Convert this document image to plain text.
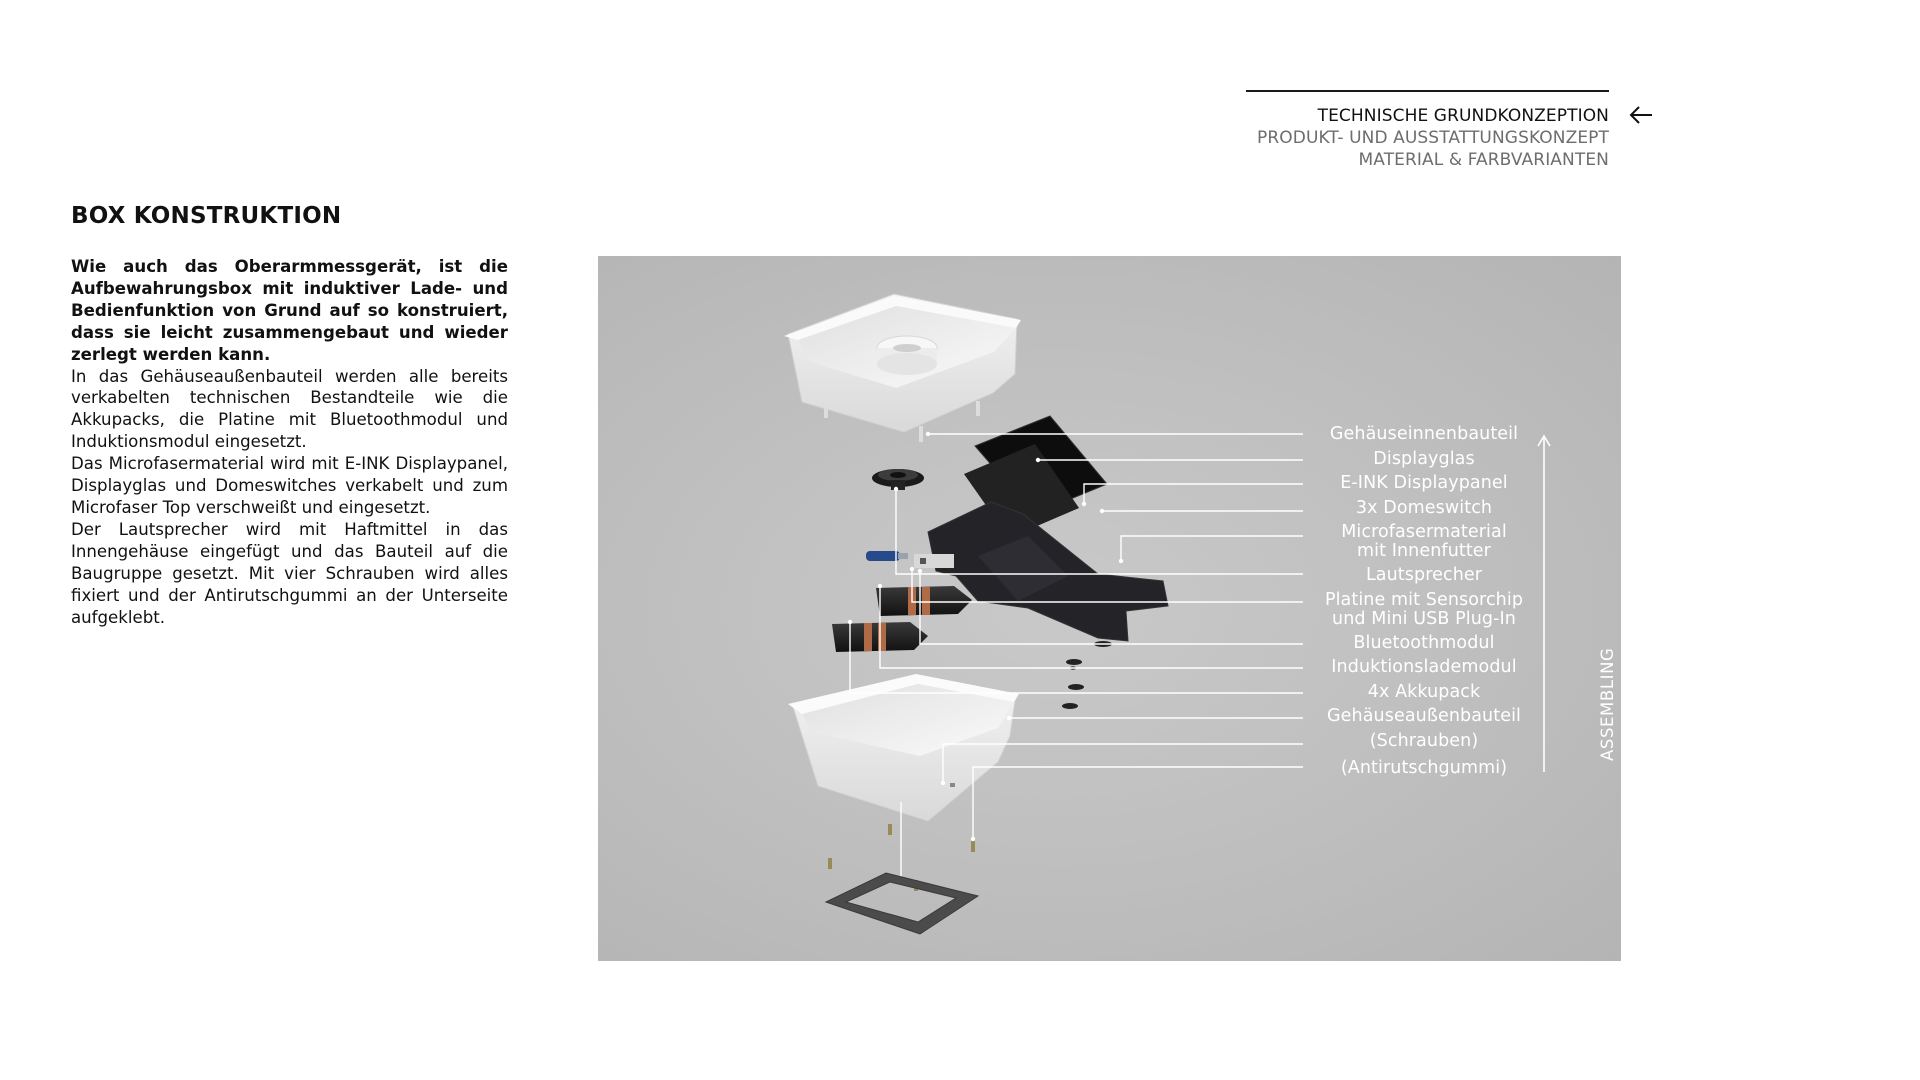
TECHNISCHE GRUNDKONZEPTION
PRODUKT- UND AUSSTATTUNGSKONZEPT
MATERIAL & FARBVARIANTEN
BOX KONSTRUKTION

Wie auch das Oberarmmessgerät, ist die Aufbewahrungsbox mit induktiver Lade- und Bedienfunktion von Grund auf so konstruiert, dass sie leicht zusammengebaut und wieder zerlegt werden kann.

In das Gehäuseaußenbauteil werden alle bereits verkabelten technischen Bestandteile wie die Akkupacks, die Platine mit Bluetoothmodul und Induktionsmodul eingesetzt.

Das Microfasermaterial wird mit E-INK Displaypanel, Displayglas und Domeswitches verkabelt und zum Microfaser Top verschweißt und eingesetzt.

Der Lautsprecher wird mit Haftmittel in das Innengehäuse eingefügt und das Bauteil auf die Baugruppe gesetzt. Mit vier Schrauben wird alles fixiert und der Antirutschgummi an der Unterseite aufgeklebt.

Gehäuseinnenbauteil
Displayglas
E-INK Displaypanel
3x Domeswitch
Microfasermaterial
mit Innenfutter
Lautsprecher
Platine mit Sensorchip
und Mini USB Plug-In
Bluetoothmodul
Induktionslademodul
4x Akkupack
Gehäuseaußenbauteil
(Schrauben)
(Antirutschgummi)
ASSEMBLING
